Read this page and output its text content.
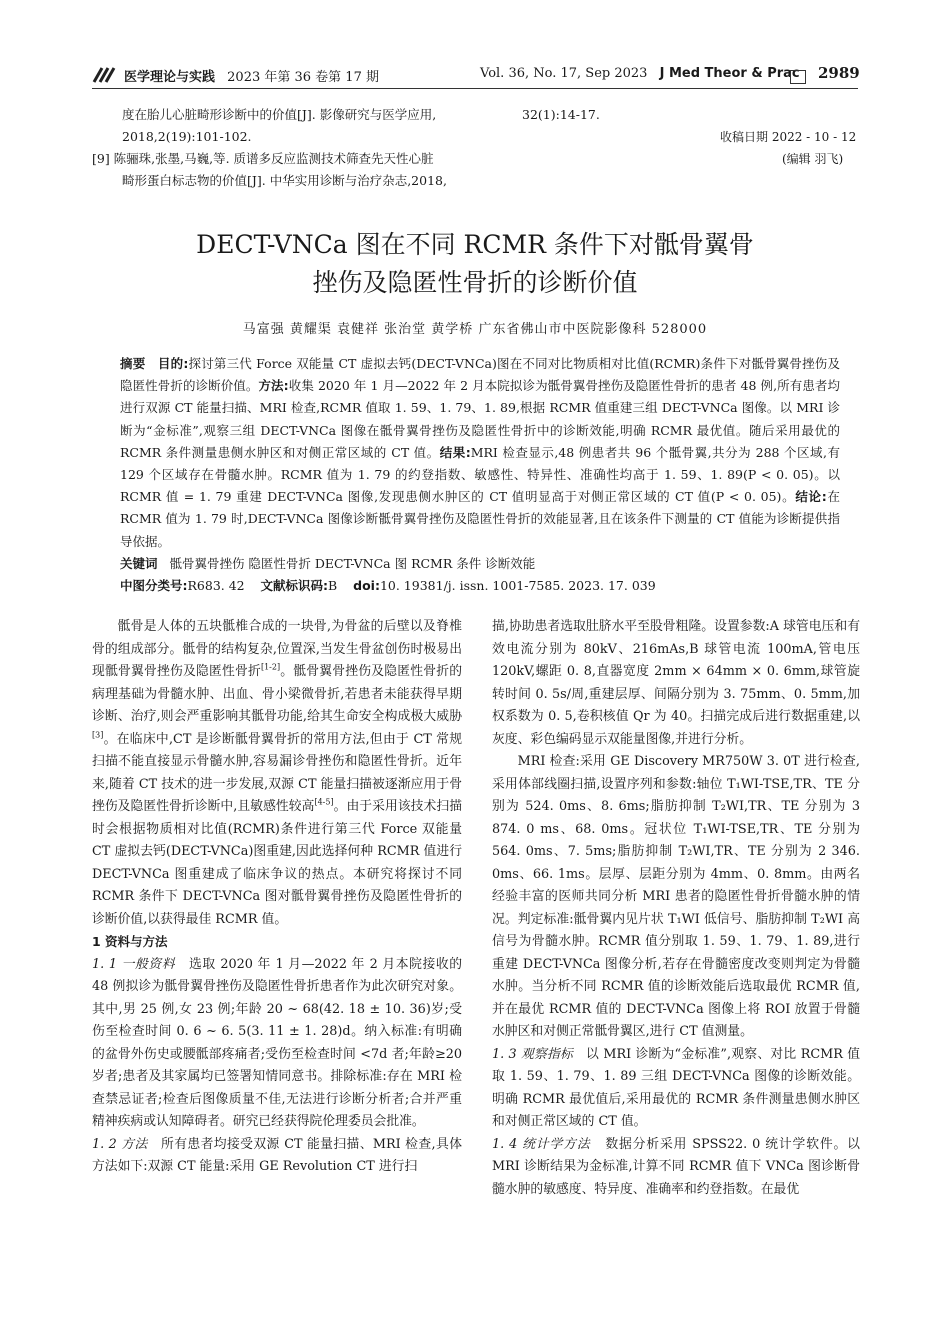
医学理论与实践 2023 年第 36 卷第 17 期	Vol. 36, No. 17, Sep 2023 J Med Theor & Prac 2989
度在胎儿心脏畸形诊断中的价值[J]. 影像研究与医学应用,
2018,2(19):101-102.
[9] 陈骊珠,张墨,马巍,等. 质谱多反应监测技术筛查先天性心脏
畸形蛋白标志物的价值[J]. 中华实用诊断与治疗杂志,2018,
32(1):14-17.
收稿日期 2022 - 10 - 12
(编辑 羽飞)
DECT-VNCa 图在不同 RCMR 条件下对骶骨翼骨
挫伤及隐匿性骨折的诊断价值
马富强 黄耀渠 袁健祥 张治堂 黄学桥 广东省佛山市中医院影像科 528000

摘要 目的:探讨第三代 Force 双能量 CT 虚拟去钙(DECT-VNCa)图在不同对比物质相对比值(RCMR)条件下对骶骨翼骨挫伤及隐匿性骨折的诊断价值。方法:收集 2020 年 1 月—2022 年 2 月本院拟诊为骶骨翼骨挫伤及隐匿性骨折的患者 48 例,所有患者均进行双源 CT 能量扫描、MRI 检查,RCMR 值取 1. 59、1. 79、1. 89,根据 RCMR 值重建三组 DECT-VNCa 图像。以 MRI 诊断为“金标准”,观察三组 DECT-VNCa 图像在骶骨翼骨挫伤及隐匿性骨折中的诊断效能,明确 RCMR 最优值。随后采用最优的 RCMR 条件测量患侧水肿区和对侧正常区域的 CT 值。结果:MRI 检查显示,48 例患者共 96 个骶骨翼,共分为 288 个区域,有 129 个区域存在骨髓水肿。RCMR 值为 1. 79 的约登指数、敏感性、特异性、准确性均高于 1. 59、1. 89(P < 0. 05)。以 RCMR 值 = 1. 79 重建 DECT-VNCa 图像,发现患侧水肿区的 CT 值明显高于对侧正常区域的 CT 值(P < 0. 05)。结论:在 RCMR 值为 1. 79 时,DECT-VNCa 图像诊断骶骨翼骨挫伤及隐匿性骨折的效能显著,且在该条件下测量的 CT 值能为诊断提供指导依据。

关键词 骶骨翼骨挫伤 隐匿性骨折 DECT-VNCa 图 RCMR 条件 诊断效能

中图分类号:R683. 42 文献标识码:B doi:10. 19381/j. issn. 1001-7585. 2023. 17. 039

骶骨是人体的五块骶椎合成的一块骨,为骨盆的后壁以及脊椎骨的组成部分。骶骨的结构复杂,位置深,当发生骨盆创伤时极易出现骶骨翼骨挫伤及隐匿性骨折[1-2]。骶骨翼骨挫伤及隐匿性骨折的病理基础为骨髓水肿、出血、骨小梁微骨折,若患者未能获得早期诊断、治疗,则会严重影响其骶骨功能,给其生命安全构成极大威胁[3]。在临床中,CT 是诊断骶骨翼骨折的常用方法,但由于 CT 常规扫描不能直接显示骨髓水肿,容易漏诊骨挫伤和隐匿性骨折。近年来,随着 CT 技术的进一步发展,双源 CT 能量扫描被逐渐应用于骨挫伤及隐匿性骨折诊断中,且敏感性较高[4-5]。由于采用该技术扫描时会根据物质相对比值(RCMR)条件进行第三代 Force 双能量 CT 虚拟去钙(DECT-VNCa)图重建,因此选择何种 RCMR 值进行 DECT-VNCa 图重建成了临床争议的热点。本研究将探讨不同 RCMR 条件下 DECT-VNCa 图对骶骨翼骨挫伤及隐匿性骨折的诊断价值,以获得最佳 RCMR 值。

1 资料与方法

1. 1 一般资料 选取 2020 年 1 月—2022 年 2 月本院接收的 48 例拟诊为骶骨翼骨挫伤及隐匿性骨折患者作为此次研究对象。其中,男 25 例,女 23 例;年龄 20 ~ 68(42. 18 ± 10. 36)岁;受伤至检查时间 0. 6 ~ 6. 5(3. 11 ± 1. 28)d。纳入标准:有明确的盆骨外伤史或腰骶部疼痛者;受伤至检查时间 <7d 者;年龄≥20 岁者;患者及其家属均已签署知情同意书。排除标准:存在 MRI 检查禁忌证者;检查后图像质量不佳,无法进行诊断分析者;合并严重精神疾病或认知障碍者。研究已经获得院伦理委员会批准。

1. 2 方法 所有患者均接受双源 CT 能量扫描、MRI 检查,具体方法如下:双源 CT 能量:采用 GE Revolution CT 进行扫

描,协助患者选取肚脐水平至股骨粗隆。设置参数:A 球管电压和有效电流分别为 80kV、216mAs,B 球管电流 100mA,管电压 120kV,螺距 0. 8,直器宽度 2mm × 64mm × 0. 6mm,球管旋转时间 0. 5s/周,重建层厚、间隔分别为 3. 75mm、0. 5mm,加权系数为 0. 5,卷积核值 Qr 为 40。扫描完成后进行数据重建,以灰度、彩色编码显示双能量图像,并进行分析。

MRI 检查:采用 GE Discovery MR750W 3. 0T 进行检查,采用体部线圈扫描,设置序列和参数:轴位 T₁WI-TSE,TR、TE 分别为 524. 0ms、8. 6ms;脂肪抑制 T₂WI,TR、TE 分别为 3 874. 0 ms、68. 0ms。冠状位 T₁WI-TSE,TR、TE 分别为 564. 0ms、7. 5ms;脂肪抑制 T₂WI,TR、TE 分别为 2 346. 0ms、66. 1ms。层厚、层距分别为 4mm、0. 8mm。由两名经验丰富的医师共同分析 MRI 患者的隐匿性骨折骨髓水肿的情况。判定标准:骶骨翼内见片状 T₁WI 低信号、脂肪抑制 T₂WI 高信号为骨髓水肿。RCMR 值分别取 1. 59、1. 79、1. 89,进行重建 DECT-VNCa 图像分析,若存在骨髓密度改变则判定为骨髓水肿。当分析不同 RCMR 值的诊断效能后选取最优 RCMR 值,并在最优 RCMR 值的 DECT-VNCa 图像上将 ROI 放置于骨髓水肿区和对侧正常骶骨翼区,进行 CT 值测量。

1. 3 观察指标 以 MRI 诊断为“金标准”,观察、对比 RCMR 值取 1. 59、1. 79、1. 89 三组 DECT-VNCa 图像的诊断效能。明确 RCMR 最优值后,采用最优的 RCMR 条件测量患侧水肿区和对侧正常区域的 CT 值。

1. 4 统计学方法 数据分析采用 SPSS22. 0 统计学软件。以 MRI 诊断结果为金标准,计算不同 RCMR 值下 VNCa 图诊断骨髓水肿的敏感度、特异度、准确率和约登指数。在最优
